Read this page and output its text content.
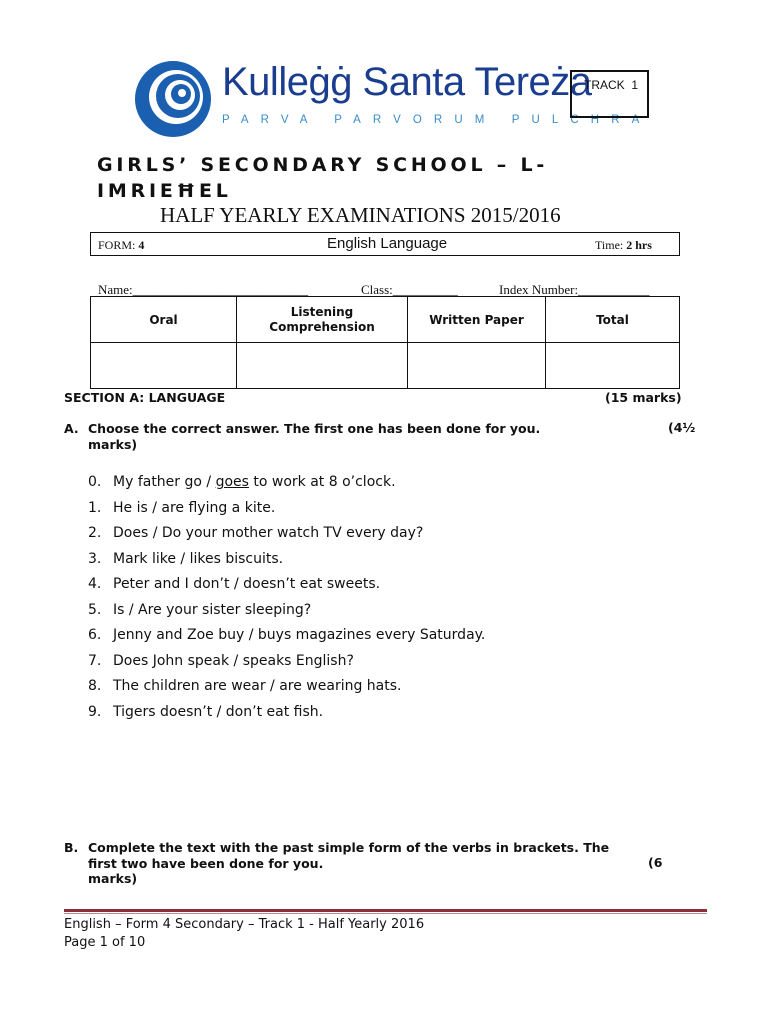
Kulleġġ Santa Tereża
PARVA PARVORUM PULCHRA
TRACK  1
GIRLS’ SECONDARY SCHOOL – L-IMRIEĦEL
HALF YEARLY EXAMINATIONS 2015/2016
FORM: 4	English Language	Time: 2 hrs
Name:___________________________	Class:__________	Index Number:___________
Oral	Listening Comprehension	Written Paper	Total

SECTION A: LANGUAGE	(15 marks)
A. Choose the correct answer. The first one has been done for you.	(4½
marks)
0. My father go / goes to work at 8 o’clock.
1. He is / are flying a kite.
2. Does / Do your mother watch TV every day?
3. Mark like / likes biscuits.
4. Peter and I don’t / doesn’t eat sweets.
5. Is / Are your sister sleeping?
6. Jenny and Zoe buy / buys magazines every Saturday.
7. Does John speak / speaks English?
8. The children are wear / are wearing hats.
9. Tigers doesn’t / don’t eat fish.
B. Complete the text with the past simple form of the verbs in brackets. The
first two have been done for you.	(6
marks)
English – Form 4 Secondary – Track 1 - Half Yearly 2016
Page 1 of 10
